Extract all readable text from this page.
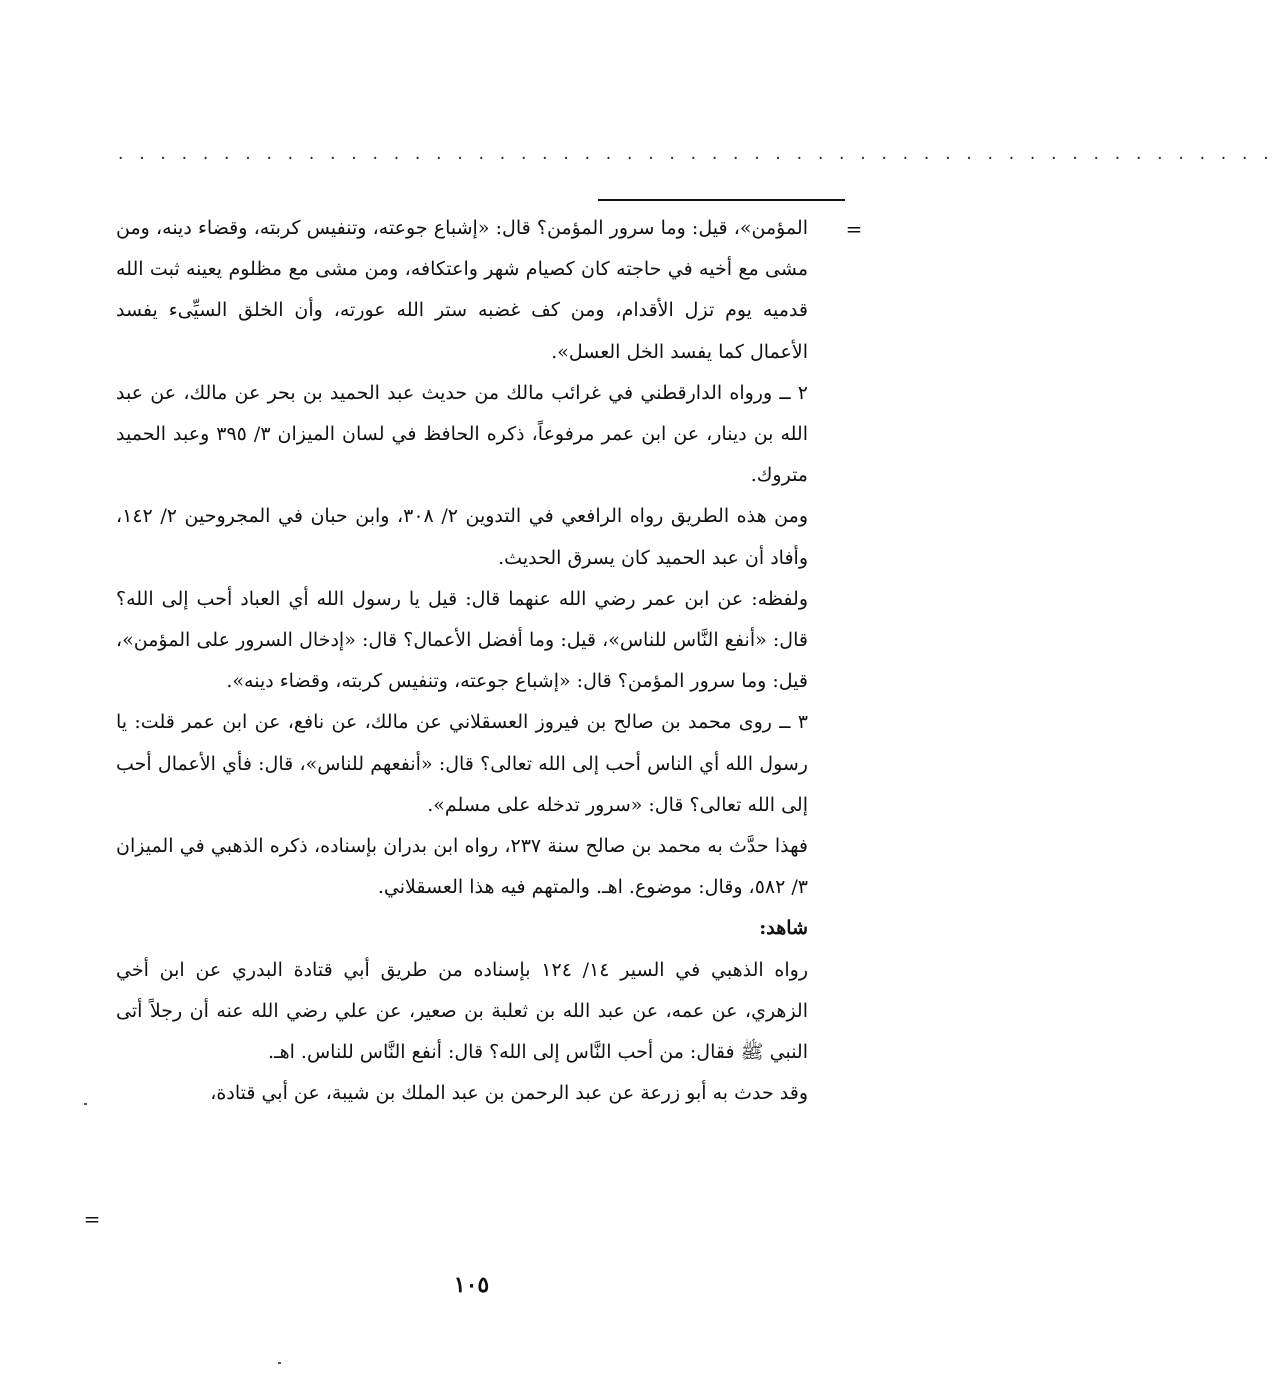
. . . . . . . . . . . . . . . . . . . . . . . . . . . . . . . . . . . . . . . . . . . . . . . . . . . . . . .
=

المؤمن»، قيل: وما سرور المؤمن؟ قال: «إشباع جوعته، وتنفيس كربته، وقضاء دينه، ومن مشى مع أخيه في حاجته كان كصيام شهر واعتكافه، ومن مشى مع مظلوم يعينه ثبت الله قدميه يوم تزل الأقدام، ومن كف غضبه ستر الله عورته، وأن الخلق السيِّىء يفسد الأعمال كما يفسد الخل العسل».

٢ ــ ورواه الدارقطني في غرائب مالك من حديث عبد الحميد بن بحر عن مالك، عن عبد الله بن دينار، عن ابن عمر مرفوعاً، ذكره الحافظ في لسان الميزان ٣/ ٣٩٥ وعبد الحميد متروك.

ومن هذه الطريق رواه الرافعي في التدوين ٢/ ٣٠٨، وابن حبان في المجروحين ٢/ ١٤٢، وأفاد أن عبد الحميد كان يسرق الحديث.

ولفظه: عن ابن عمر رضي الله عنهما قال: قيل يا رسول الله أي العباد أحب إلى الله؟ قال: «أنفع النَّاس للناس»، قيل: وما أفضل الأعمال؟ قال: «إدخال السرور على المؤمن»، قيل: وما سرور المؤمن؟ قال: «إشباع جوعته، وتنفيس كربته، وقضاء دينه».

٣ ــ روى محمد بن صالح بن فيروز العسقلاني عن مالك، عن نافع، عن ابن عمر قلت: يا رسول الله أي الناس أحب إلى الله تعالى؟ قال: «أنفعهم للناس»، قال: فأي الأعمال أحب إلى الله تعالى؟ قال: «سرور تدخله على مسلم».

فهذا حدَّث به محمد بن صالح سنة ٢٣٧، رواه ابن بدران بإسناده، ذكره الذهبي في الميزان ٣/ ٥٨٢، وقال: موضوع. اهـ. والمتهم فيه هذا العسقلاني.

شاهد:

رواه الذهبي في السير ١٤/ ١٢٤ بإسناده من طريق أبي قتادة البدري عن ابن أخي الزهري، عن عمه، عن عبد الله بن ثعلبة بن صعير، عن علي رضي الله عنه أن رجلاً أتى النبي ﷺ فقال: من أحب النَّاس إلى الله؟ قال: أنفع النَّاس للناس. اهـ.

وقد حدث به أبو زرعة عن عبد الرحمن بن عبد الملك بن شيبة، عن أبي قتادة،

=
١٠٥
